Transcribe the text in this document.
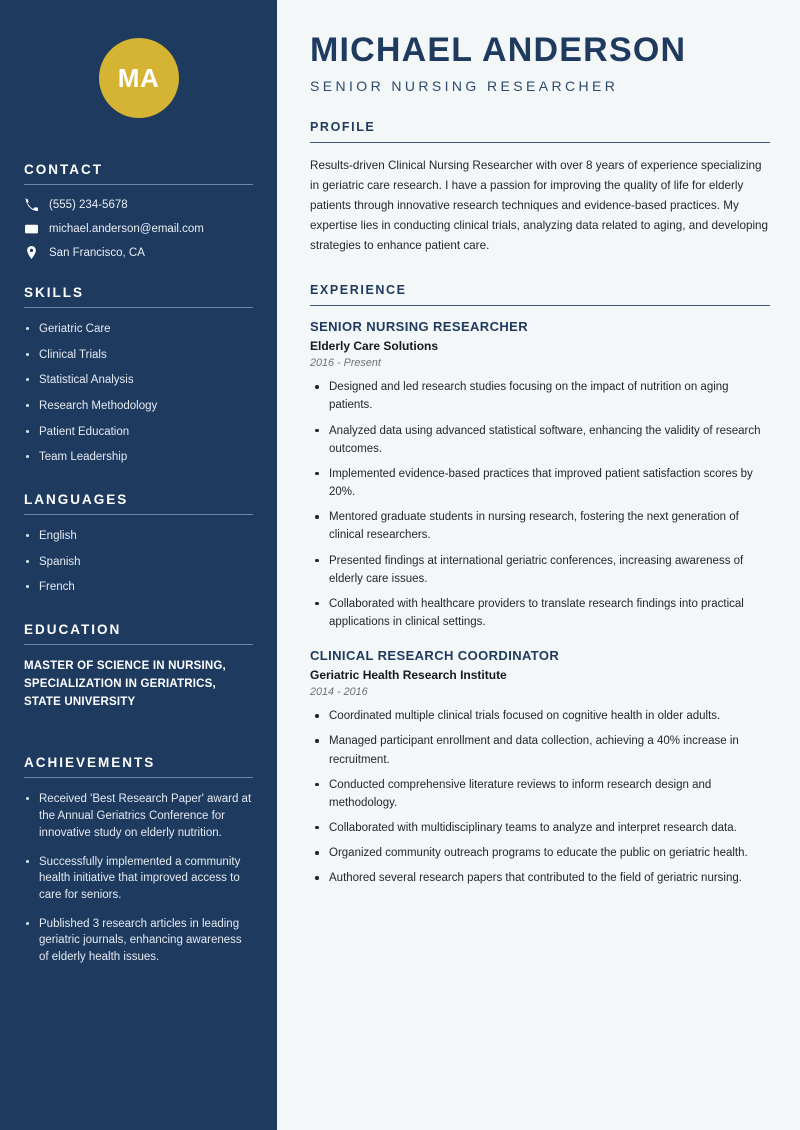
MA
CONTACT
(555) 234-5678
michael.anderson@email.com
San Francisco, CA
SKILLS
Geriatric Care
Clinical Trials
Statistical Analysis
Research Methodology
Patient Education
Team Leadership
LANGUAGES
English
Spanish
French
EDUCATION
MASTER OF SCIENCE IN NURSING, SPECIALIZATION IN GERIATRICS, STATE UNIVERSITY
ACHIEVEMENTS
Received 'Best Research Paper' award at the Annual Geriatrics Conference for innovative study on elderly nutrition.
Successfully implemented a community health initiative that improved access to care for seniors.
Published 3 research articles in leading geriatric journals, enhancing awareness of elderly health issues.
MICHAEL ANDERSON
SENIOR NURSING RESEARCHER
PROFILE

Results-driven Clinical Nursing Researcher with over 8 years of experience specializing in geriatric care research. I have a passion for improving the quality of life for elderly patients through innovative research techniques and evidence-based practices. My expertise lies in conducting clinical trials, analyzing data related to aging, and developing strategies to enhance patient care.

EXPERIENCE
SENIOR NURSING RESEARCHER
Elderly Care Solutions
2016 - Present
Designed and led research studies focusing on the impact of nutrition on aging patients.
Analyzed data using advanced statistical software, enhancing the validity of research outcomes.
Implemented evidence-based practices that improved patient satisfaction scores by 20%.
Mentored graduate students in nursing research, fostering the next generation of clinical researchers.
Presented findings at international geriatric conferences, increasing awareness of elderly care issues.
Collaborated with healthcare providers to translate research findings into practical applications in clinical settings.
CLINICAL RESEARCH COORDINATOR
Geriatric Health Research Institute
2014 - 2016
Coordinated multiple clinical trials focused on cognitive health in older adults.
Managed participant enrollment and data collection, achieving a 40% increase in recruitment.
Conducted comprehensive literature reviews to inform research design and methodology.
Collaborated with multidisciplinary teams to analyze and interpret research data.
Organized community outreach programs to educate the public on geriatric health.
Authored several research papers that contributed to the field of geriatric nursing.
